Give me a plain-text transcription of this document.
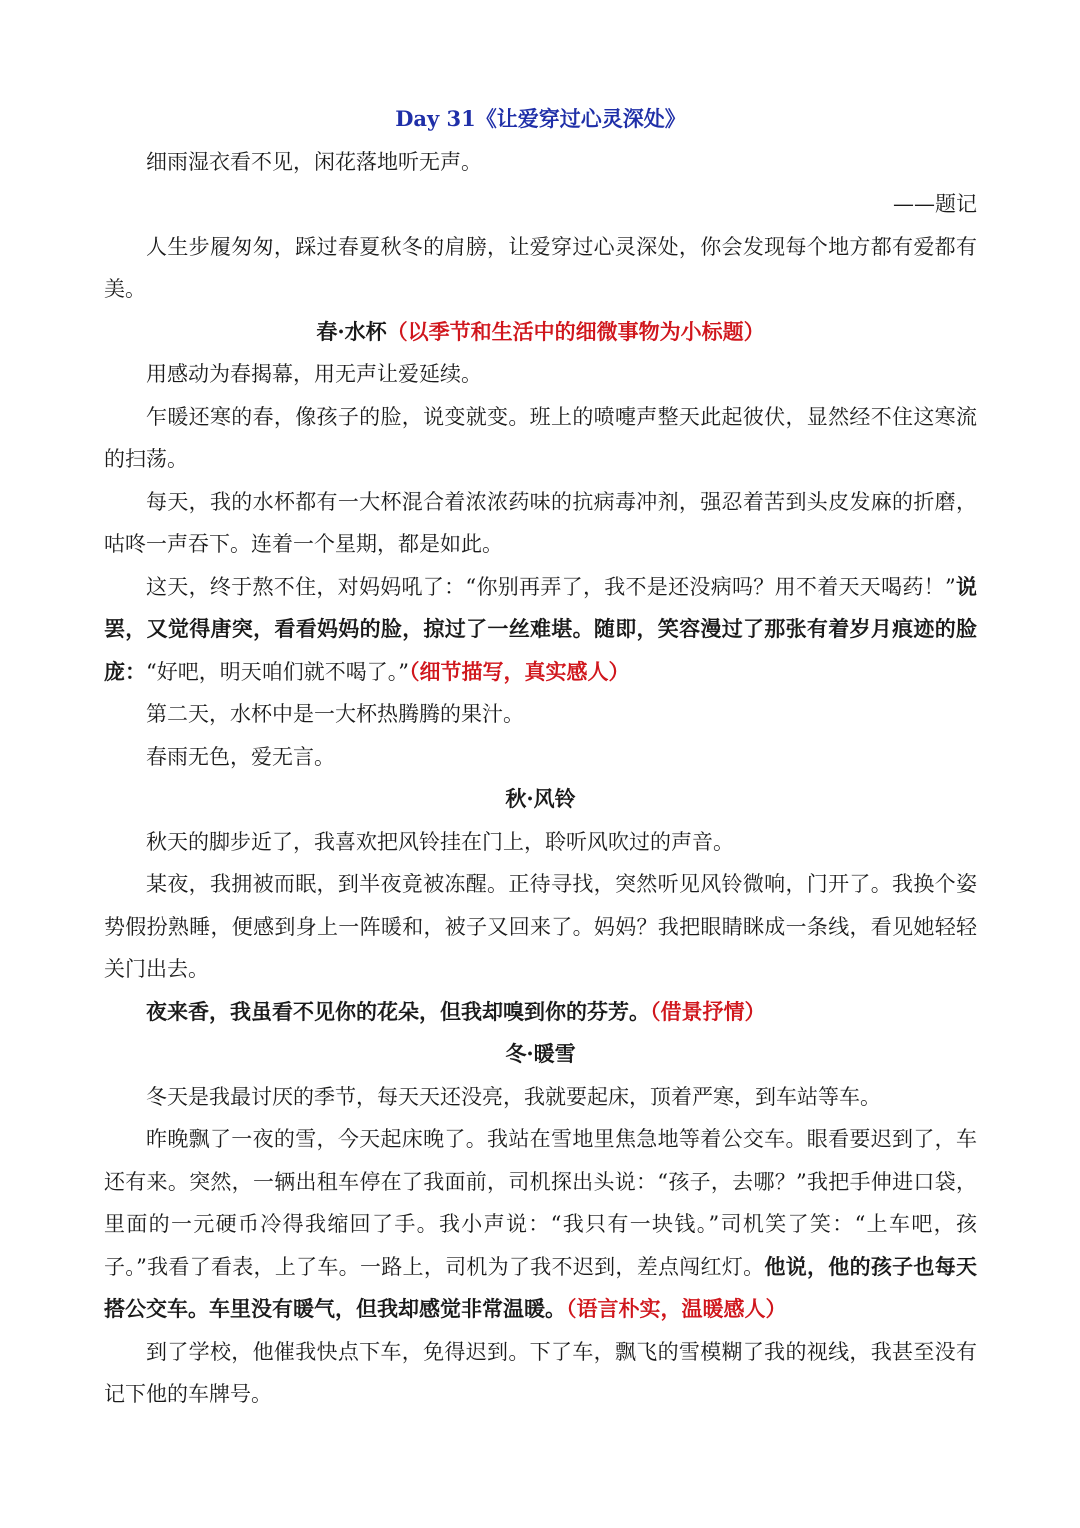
Day 31《让爱穿过心灵深处》

细雨湿衣看不见，闲花落地听无声。

——题记

人生步履匆匆，踩过春夏秋冬的肩膀，让爱穿过心灵深处，你会发现每个地方都有爱都有美。

春·水杯（以季节和生活中的细微事物为小标题）

用感动为春揭幕，用无声让爱延续。

乍暖还寒的春，像孩子的脸，说变就变。班上的喷嚏声整天此起彼伏，显然经不住这寒流的扫荡。

每天，我的水杯都有一大杯混合着浓浓药味的抗病毒冲剂，强忍着苦到头皮发麻的折磨，咕咚一声吞下。连着一个星期，都是如此。

这天，终于熬不住，对妈妈吼了：“你别再弄了，我不是还没病吗？用不着天天喝药！”说罢，又觉得唐突，看看妈妈的脸，掠过了一丝难堪。随即，笑容漫过了那张有着岁月痕迹的脸庞：“好吧，明天咱们就不喝了。”（细节描写，真实感人）

第二天，水杯中是一大杯热腾腾的果汁。

春雨无色，爱无言。

秋·风铃

秋天的脚步近了，我喜欢把风铃挂在门上，聆听风吹过的声音。

某夜，我拥被而眠，到半夜竟被冻醒。正待寻找，突然听见风铃微响，门开了。我换个姿势假扮熟睡，便感到身上一阵暖和，被子又回来了。妈妈？我把眼睛眯成一条线，看见她轻轻关门出去。

夜来香，我虽看不见你的花朵，但我却嗅到你的芬芳。（借景抒情）

冬·暖雪

冬天是我最讨厌的季节，每天天还没亮，我就要起床，顶着严寒，到车站等车。

昨晚飘了一夜的雪，今天起床晚了。我站在雪地里焦急地等着公交车。眼看要迟到了，车还有来。突然，一辆出租车停在了我面前，司机探出头说：“孩子，去哪？”我把手伸进口袋，里面的一元硬币冷得我缩回了手。我小声说：“我只有一块钱。”司机笑了笑：“上车吧，孩子。”我看了看表，上了车。一路上，司机为了我不迟到，差点闯红灯。他说，他的孩子也每天搭公交车。车里没有暖气，但我却感觉非常温暖。（语言朴实，温暖感人）

到了学校，他催我快点下车，免得迟到。下了车，飘飞的雪模糊了我的视线，我甚至没有记下他的车牌号。
